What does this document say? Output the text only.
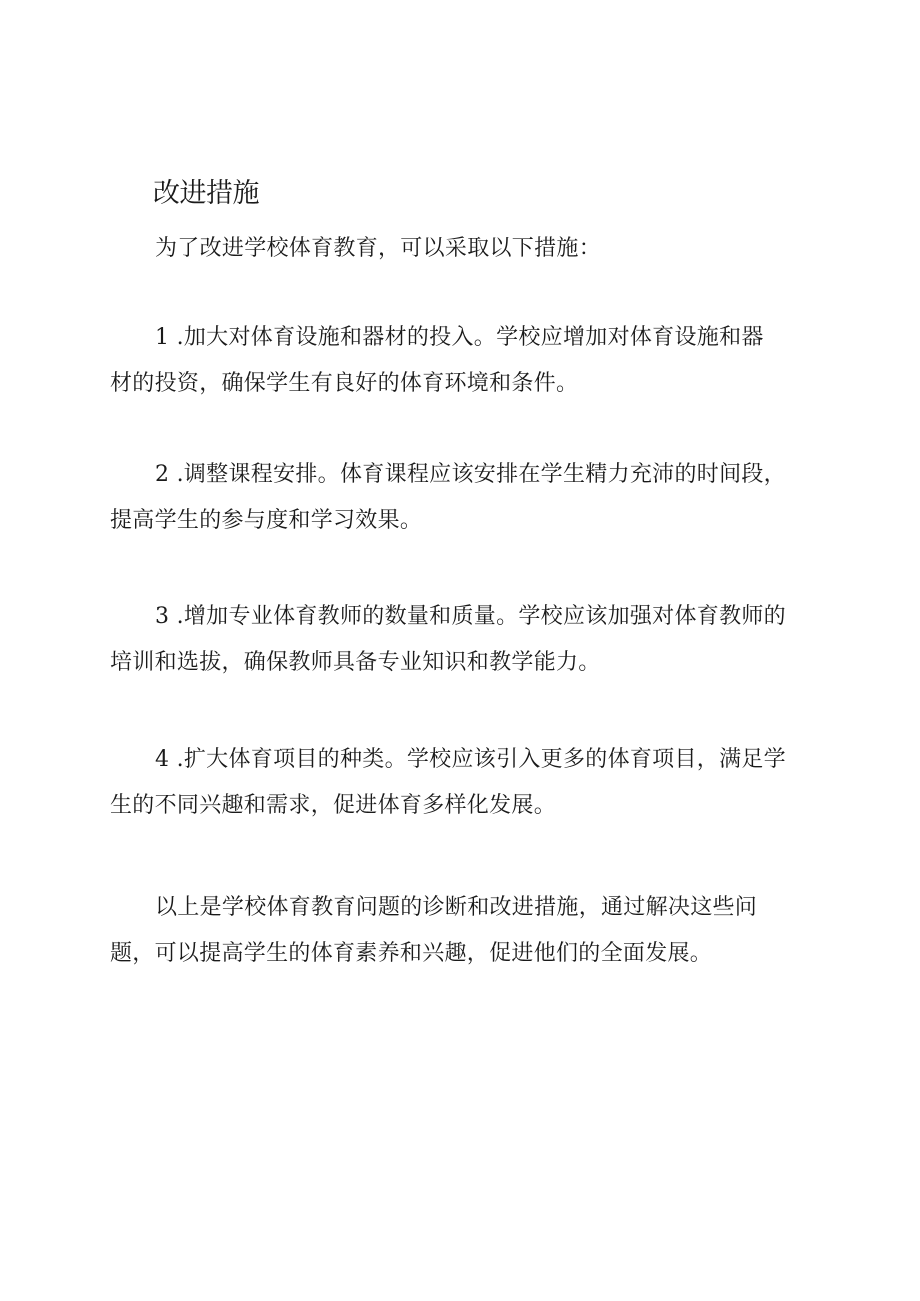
改进措施
为了改进学校体育教育，可以采取以下措施：
1 .加大对体育设施和器材的投入。学校应增加对体育设施和器
材的投资，确保学生有良好的体育环境和条件。
2 .调整课程安排。体育课程应该安排在学生精力充沛的时间段，
提高学生的参与度和学习效果。
3 .增加专业体育教师的数量和质量。学校应该加强对体育教师的
培训和选拔，确保教师具备专业知识和教学能力。
4 .扩大体育项目的种类。学校应该引入更多的体育项目，满足学
生的不同兴趣和需求，促进体育多样化发展。
以上是学校体育教育问题的诊断和改进措施，通过解决这些问
题，可以提高学生的体育素养和兴趣，促进他们的全面发展。
